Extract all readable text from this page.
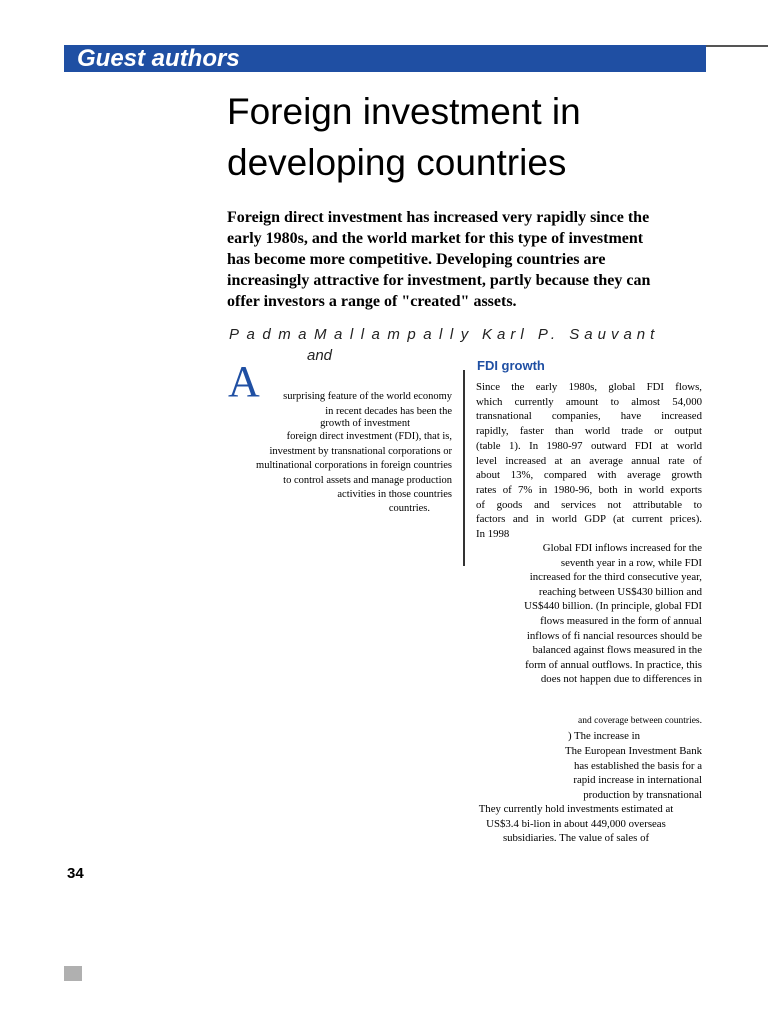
Guest authors
Foreign investment in
developing countries
Foreign direct investment has increased very rapidly since the
early 1980s, and the world market for this type of investment
has become more competitive. Developing countries are
increasingly attractive for investment, partly because they can
offer investors a range of "created" assets.
PadmaMallampally
and
Karl P. Sauvant
A	surprising feature of the world economy
in recent decades has been the
growth of investment
foreign direct investment (FDI), that is,
investment by transnational corporations or
multinational corporations in foreign countries
to control assets and manage production
activities in those countries
countries.
FDI growth
Since the early 1980s, global FDI flows,
which currently amount to almost 54,000
transnational companies, have increased
rapidly, faster than world trade or output
(table 1). In 1980-97 outward FDI at world
level increased at an average annual rate of
about 13%, compared with average growth
rates of 7% in 1980-96, both in world exports
of goods and services not attributable to
factors and in world GDP (at current prices).
In 1998
Global FDI inflows increased for the
seventh year in a row, while FDI
increased for the third consecutive year,
reaching between US$430 billion and
US$440 billion. (In principle, global FDI
flows measured in the form of annual
inflows of fi nancial resources should be
balanced against flows measured in the
form of annual outflows. In practice, this
does not happen due to differences in
and coverage between countries.
) The increase in
The European Investment Bank
has established the basis for a
rapid increase in international
production by transnational
They currently hold investments estimated at
US$3.4 bi-lion in about 449,000 overseas
subsidiaries. The value of sales of
34
